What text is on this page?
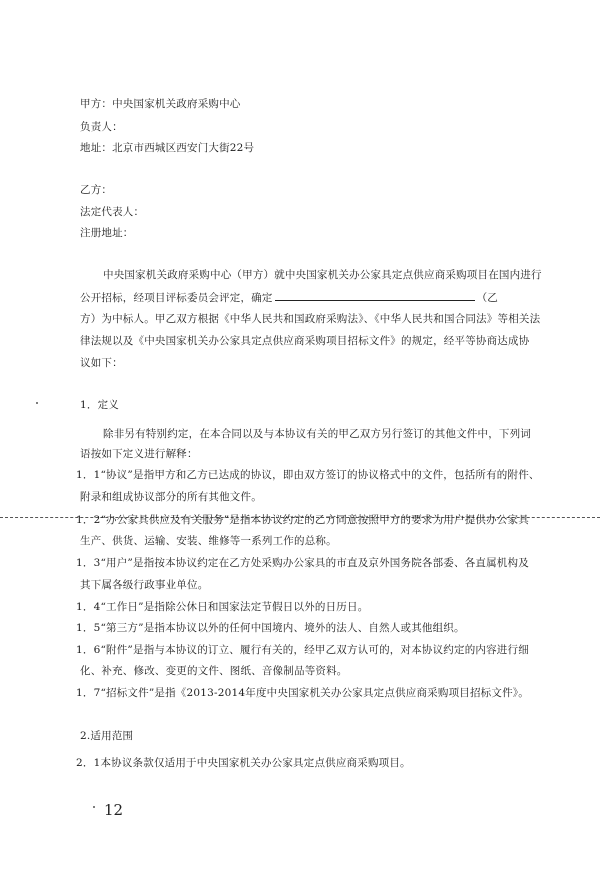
甲方：中央国家机关政府采购中心
负责人：
地址：北京市西城区西安门大街22号
乙方：
法定代表人：
注册地址：
中央国家机关政府采购中心（甲方）就中央国家机关办公家具定点供应商采购项目在国内进行
公开招标，经项目评标委员会评定，确定	（乙
方）为中标人。甲乙双方根据《中华人民共和国政府采购法》、《中华人民共和国合同法》等相关法
律法规以及《中央国家机关办公家具定点供应商采购项目招标文件》的规定，经平等协商达成协
议如下：
1．定义
除非另有特别约定，在本合同以及与本协议有关的甲乙双方另行签订的其他文件中，下列词
语按如下定义进行解释：
1．1“协议”是指甲方和乙方已达成的协议，即由双方签订的协议格式中的文件，包括所有的附件、
附录和组成协议部分的所有其他文件。
1．2“办公家具供应及有关服务”是指本协议约定的乙方同意按照甲方的要求为用户提供办公家具
生产、供货、运输、安装、维修等一系列工作的总称。
1．3“用户”是指按本协议约定在乙方处采购办公家具的市直及京外国务院各部委、各直属机构及
其下属各级行政事业单位。
1．4“工作日”是指除公休日和国家法定节假日以外的日历日。
1．5“第三方”是指本协议以外的任何中国境内、境外的法人、自然人或其他组织。
1．6“附件”是指与本协议的订立、履行有关的，经甲乙双方认可的，对本协议约定的内容进行细
化、补充、修改、变更的文件、图纸、音像制品等资料。
1．7“招标文件”是指《2013-2014年度中央国家机关办公家具定点供应商采购项目招标文件》。
2.适用范围
2．1本协议条款仅适用于中央国家机关办公家具定点供应商采购项目。
12
